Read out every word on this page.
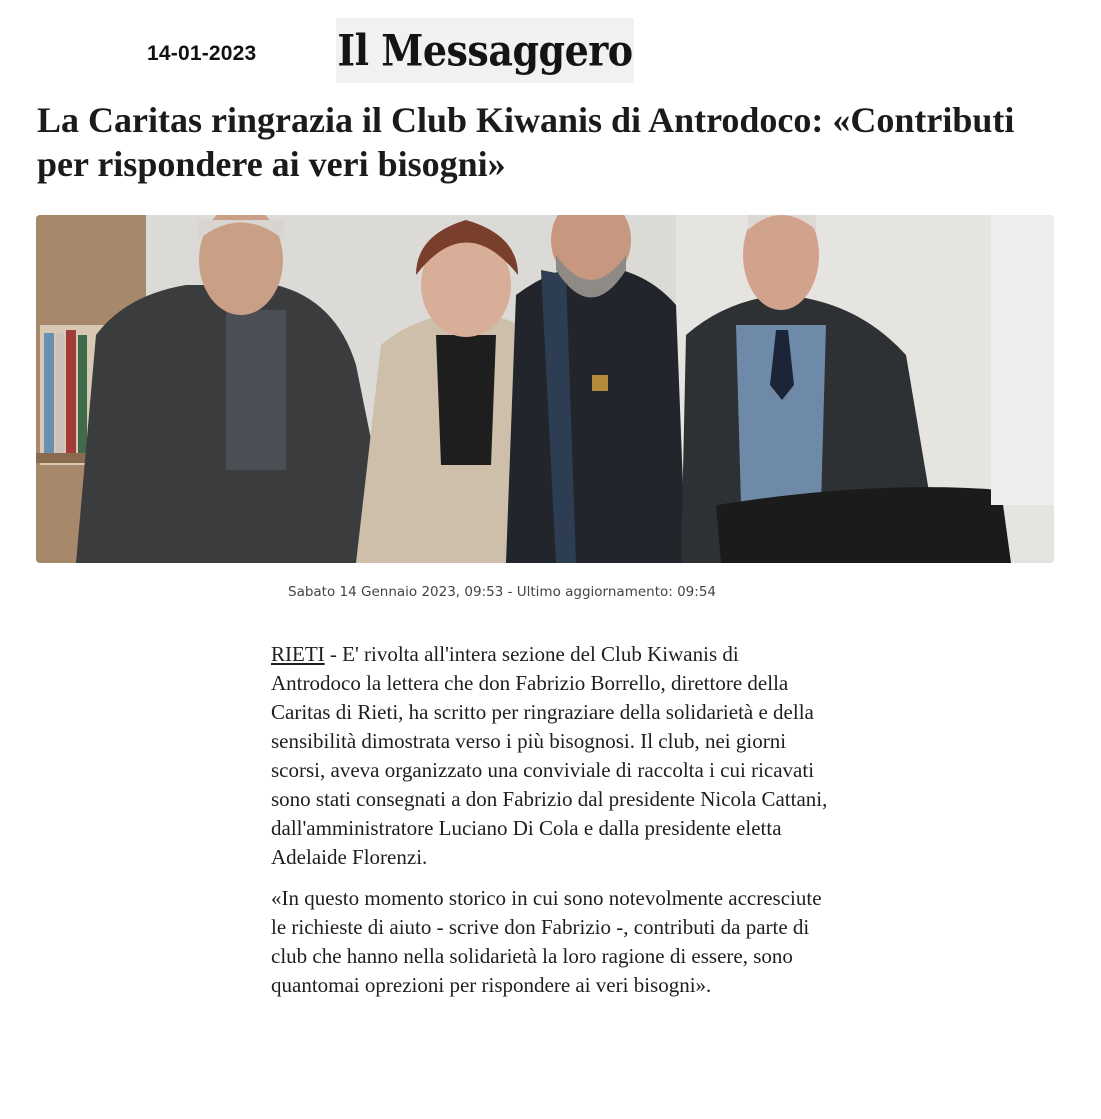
14-01-2023 Il Messaggero
La Caritas ringrazia il Club Kiwanis di Antrodoco: «Contributi per rispondere ai veri bisogni»
Sabato 14 Gennaio 2023, 09:53 - Ultimo aggiornamento: 09:54

RIETI - E' rivolta all'intera sezione del Club Kiwanis di Antrodoco la lettera che don Fabrizio Borrello, direttore della Caritas di Rieti, ha scritto per ringraziare della solidarietà e della sensibilità dimostrata verso i più bisognosi. Il club, nei giorni scorsi, aveva organizzato una conviviale di raccolta i cui ricavati sono stati consegnati a don Fabrizio dal presidente Nicola Cattani, dall'amministratore Luciano Di Cola e dalla presidente eletta Adelaide Florenzi.

«In questo momento storico in cui sono notevolmente accresciute le richieste di aiuto - scrive don Fabrizio -, contributi da parte di club che hanno nella solidarietà la loro ragione di essere, sono quantomai oprezioni per rispondere ai veri bisogni».
